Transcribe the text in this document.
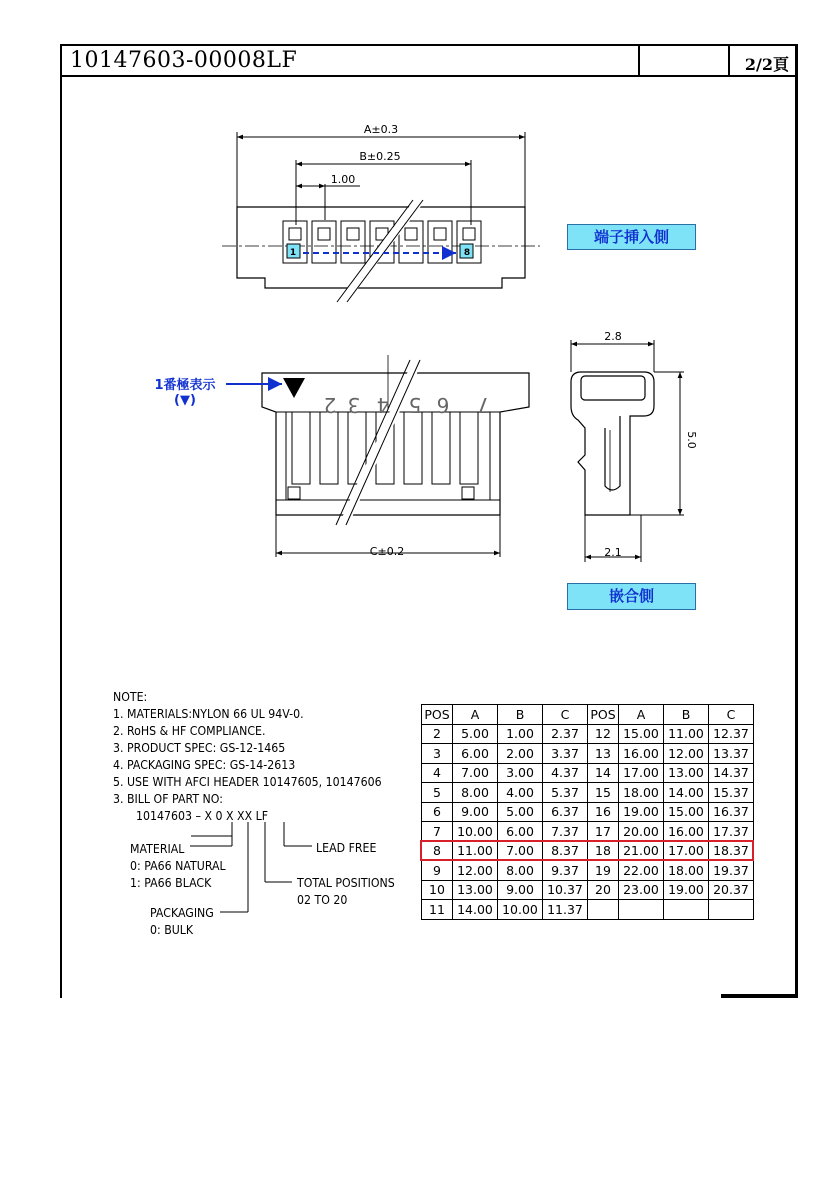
10147603-00008LF	2/2頁
2 3 4 5 6 7
A±0.3
B±0.25
1.00
C±0.2
2.8
2.1
5.0
1	8
端子挿入側
嵌合側
1番極表示
(▼)
NOTE:
1. MATERIALS:NYLON 66 UL 94V-0.
2. RoHS & HF COMPLIANCE.
3. PRODUCT SPEC: GS-12-1465
4. PACKAGING SPEC: GS-14-2613
5. USE WITH AFCI HEADER 10147605, 10147606
3. BILL OF PART NO:
10147603 – X 0 X XX LF
MATERIAL
0: PA66 NATURAL
1: PA66 BLACK
LEAD FREE
TOTAL POSITIONS
02 TO 20
PACKAGING
0: BULK
POS	A	B	C	POS	A	B	C
2	5.00	1.00	2.37	12	15.00	11.00	12.37
3	6.00	2.00	3.37	13	16.00	12.00	13.37
4	7.00	3.00	4.37	14	17.00	13.00	14.37
5	8.00	4.00	5.37	15	18.00	14.00	15.37
6	9.00	5.00	6.37	16	19.00	15.00	16.37
7	10.00	6.00	7.37	17	20.00	16.00	17.37
8	11.00	7.00	8.37	18	21.00	17.00	18.37
9	12.00	8.00	9.37	19	22.00	18.00	19.37
10	13.00	9.00	10.37	20	23.00	19.00	20.37
11	14.00	10.00	11.37				
